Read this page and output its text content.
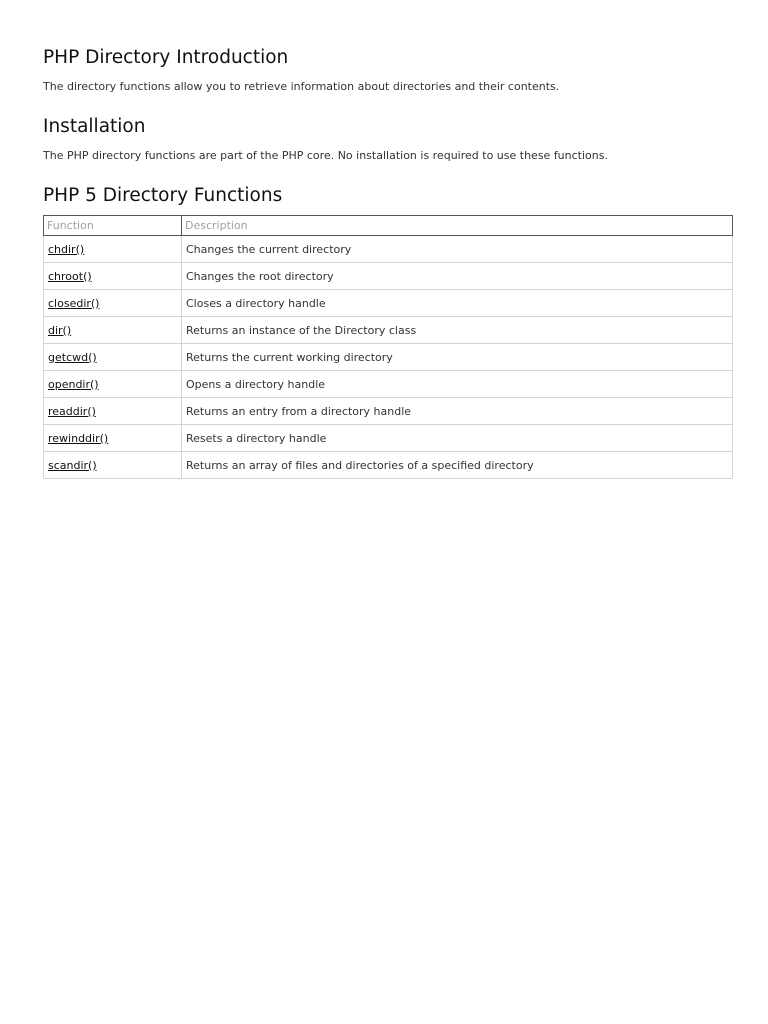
PHP Directory Introduction

The directory functions allow you to retrieve information about directories and their contents.

Installation

The PHP directory functions are part of the PHP core. No installation is required to use these functions.

PHP 5 Directory Functions
Function	Description
chdir()	Changes the current directory
chroot()	Changes the root directory
closedir()	Closes a directory handle
dir()	Returns an instance of the Directory class
getcwd()	Returns the current working directory
opendir()	Opens a directory handle
readdir()	Returns an entry from a directory handle
rewinddir()	Resets a directory handle
scandir()	Returns an array of files and directories of a specified directory
